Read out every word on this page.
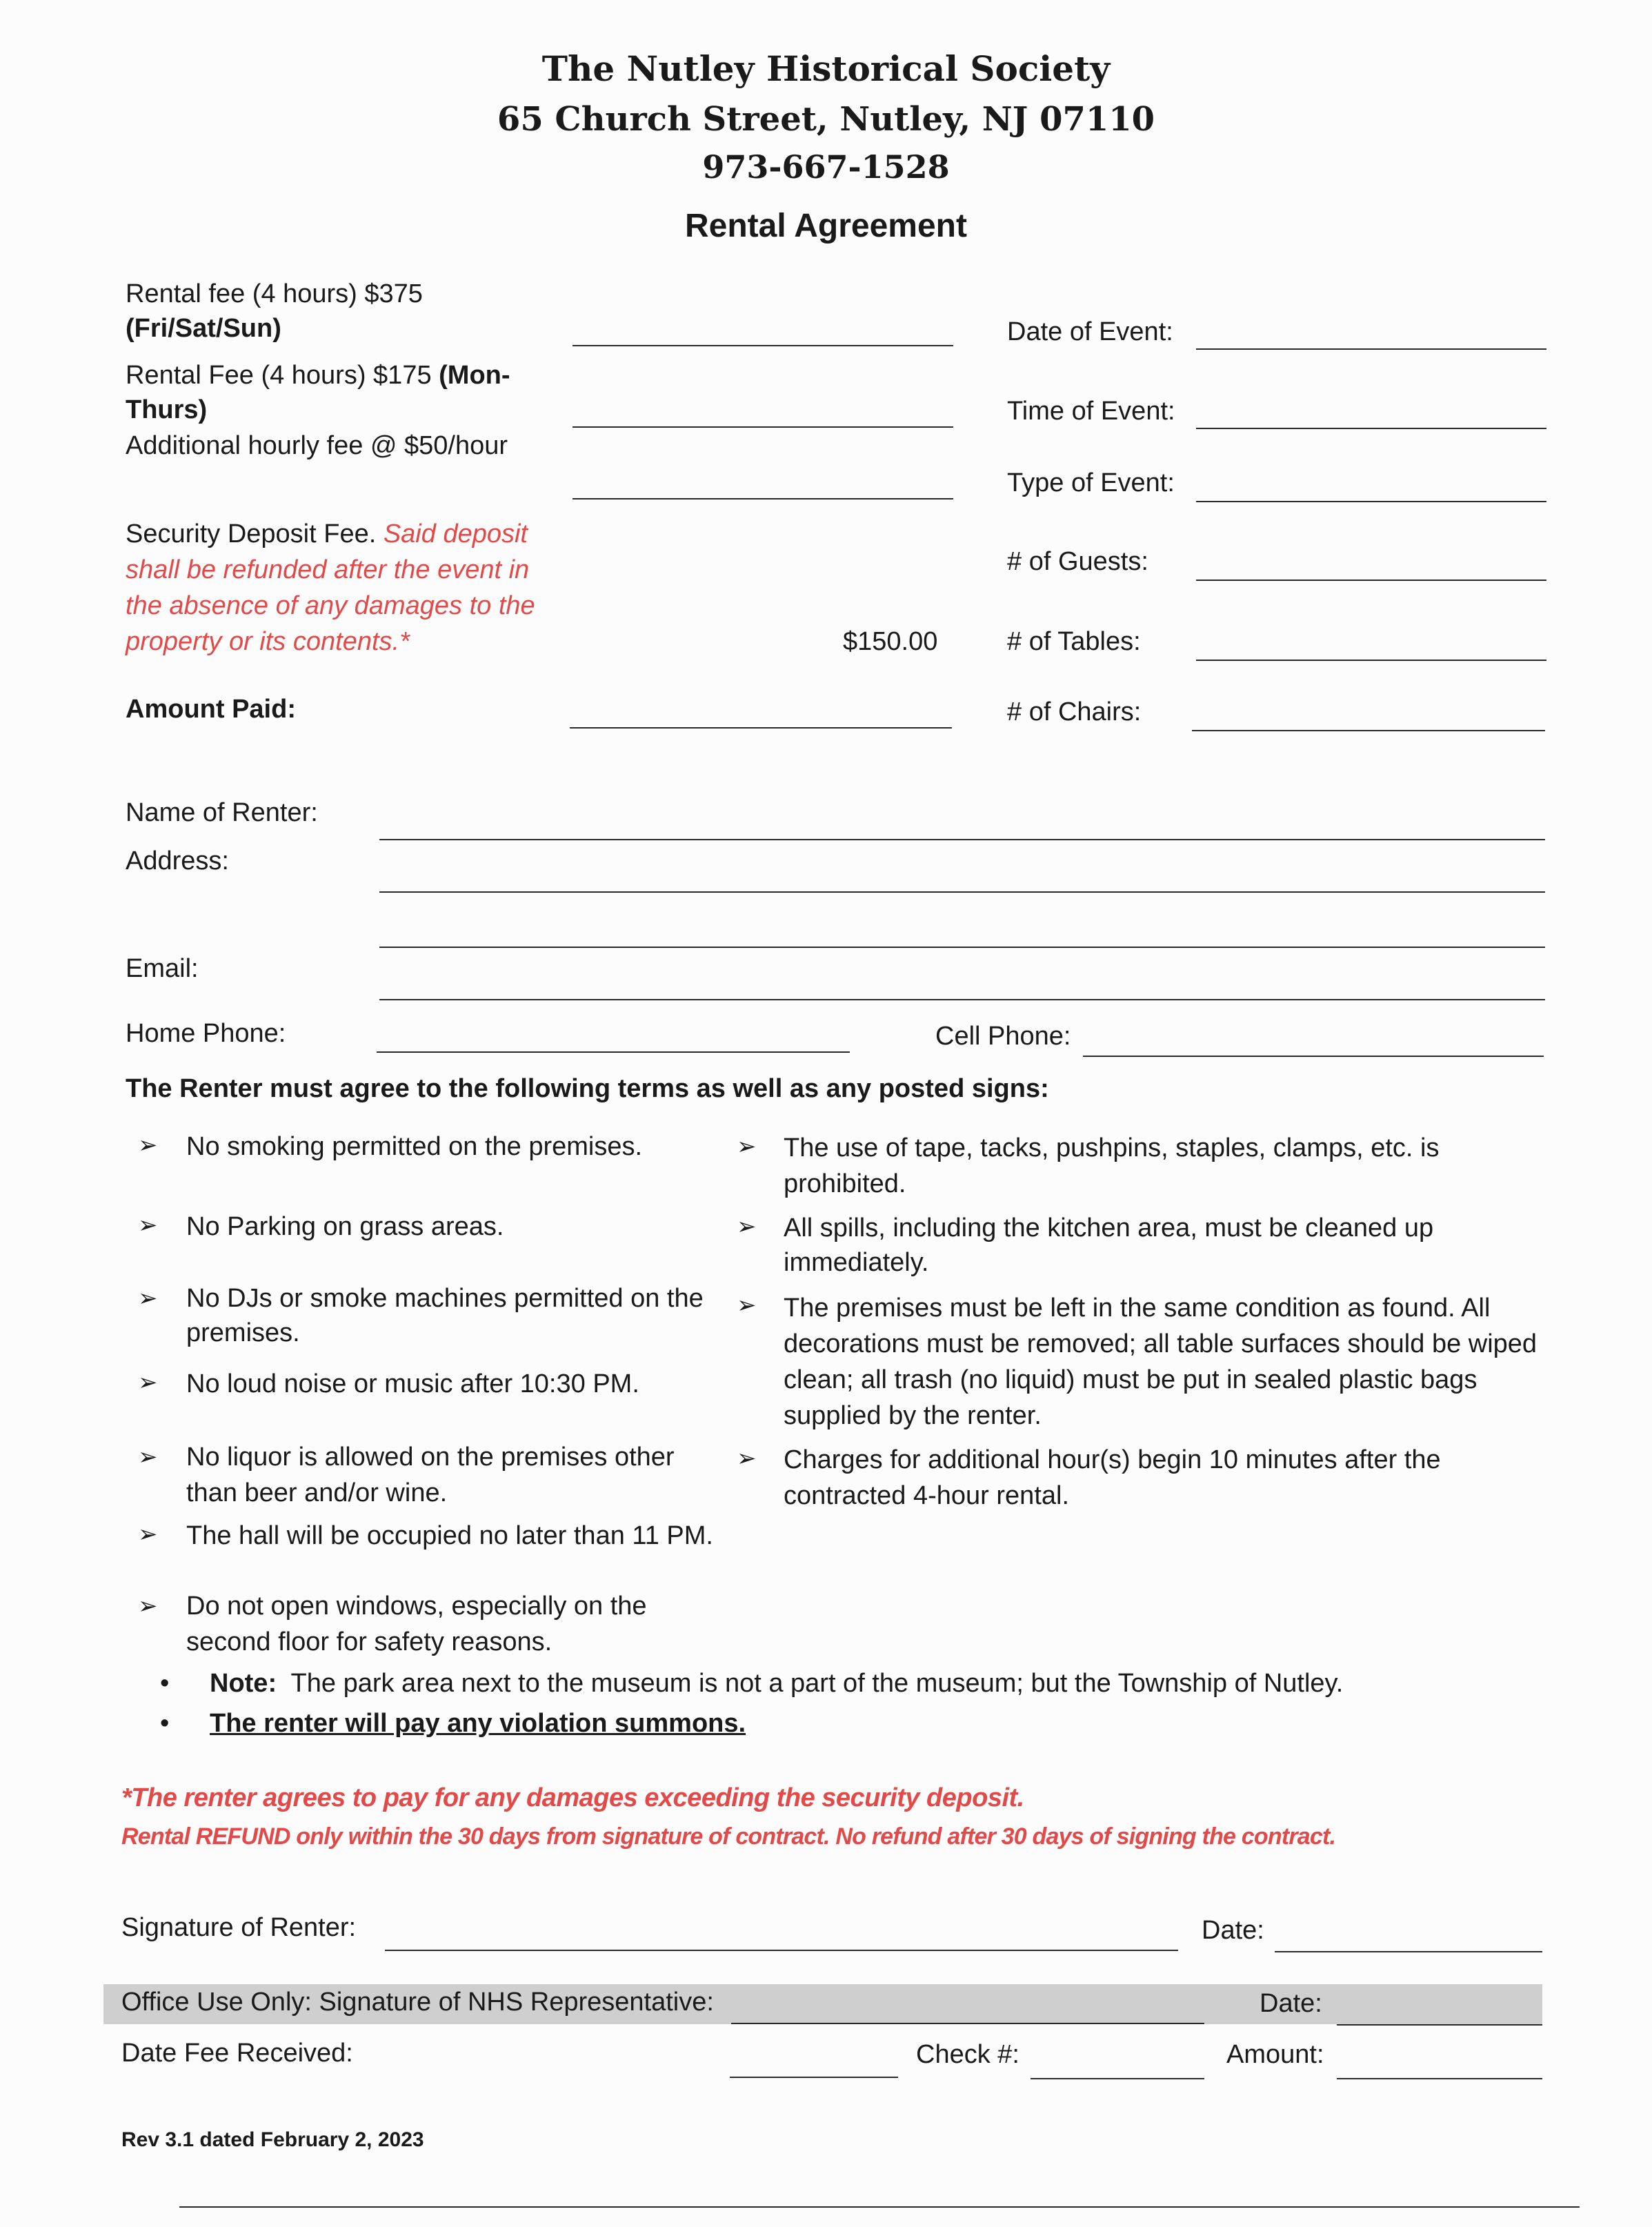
The Nutley Historical Society
65 Church Street, Nutley, NJ 07110
973-667-1528
Rental Agreement
Rental fee (4 hours) $375
(Fri/Sat/Sun)
Rental Fee (4 hours) $175 (Mon-
Thurs)
Additional hourly fee @ $50/hour
Security Deposit Fee. Said deposit
shall be refunded after the event in
the absence of any damages to the
property or its contents.*	$150.00
Amount Paid:
Date of Event:
Time of Event:
Type of Event:
# of Guests:
# of Tables:
# of Chairs:
Name of Renter:
Address:
Email:
Home Phone:	Cell Phone:
The Renter must agree to the following terms as well as any posted signs:
➢ No smoking permitted on the premises.
➢ No Parking on grass areas.
➢ No DJs or smoke machines permitted on the
premises.
➢ No loud noise or music after 10:30 PM.
➢ No liquor is allowed on the premises other
than beer and/or wine.
➢ The hall will be occupied no later than 11 PM.
➢ Do not open windows, especially on the
second floor for safety reasons.
➢ The use of tape, tacks, pushpins, staples, clamps, etc. is
prohibited.
➢ All spills, including the kitchen area, must be cleaned up
immediately.
➢ The premises must be left in the same condition as found. All
decorations must be removed; all table surfaces should be wiped
clean; all trash (no liquid) must be put in sealed plastic bags
supplied by the renter.
➢ Charges for additional hour(s) begin 10 minutes after the
contracted 4-hour rental.
• Note:  The park area next to the museum is not a part of the museum; but the Township of Nutley.
• The renter will pay any violation summons.
*The renter agrees to pay for any damages exceeding the security deposit.
Rental REFUND only within the 30 days from signature of contract. No refund after 30 days of signing the contract.
Signature of Renter:	Date:
Office Use Only: Signature of NHS Representative:	Date:
Date Fee Received:	Check #:	Amount:
Rev 3.1 dated February 2, 2023
